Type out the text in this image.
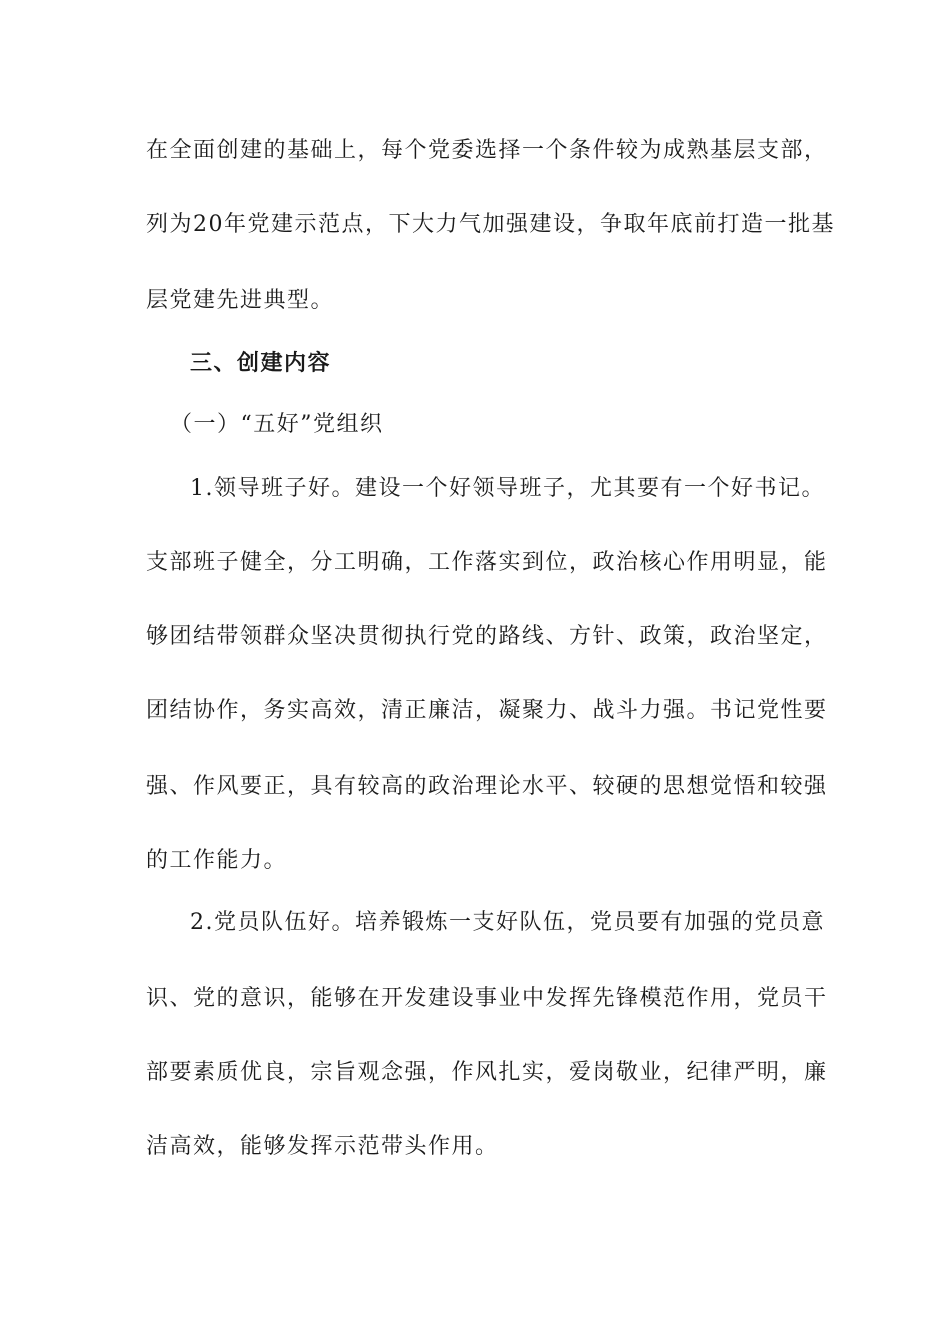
在全面创建的基础上，每个党委选择一个条件较为成熟基层支部，
列为20年党建示范点，下大力气加强建设，争取年底前打造一批基
层党建先进典型。
三、创建内容
（一）“五好”党组织
1.领导班子好。建设一个好领导班子，尤其要有一个好书记。
支部班子健全，分工明确，工作落实到位，政治核心作用明显，能
够团结带领群众坚决贯彻执行党的路线、方针、政策，政治坚定，
团结协作，务实高效，清正廉洁，凝聚力、战斗力强。书记党性要
强、作风要正，具有较高的政治理论水平、较硬的思想觉悟和较强
的工作能力。
2.党员队伍好。培养锻炼一支好队伍，党员要有加强的党员意
识、党的意识，能够在开发建设事业中发挥先锋模范作用，党员干
部要素质优良，宗旨观念强，作风扎实，爱岗敬业，纪律严明，廉
洁高效，能够发挥示范带头作用。
